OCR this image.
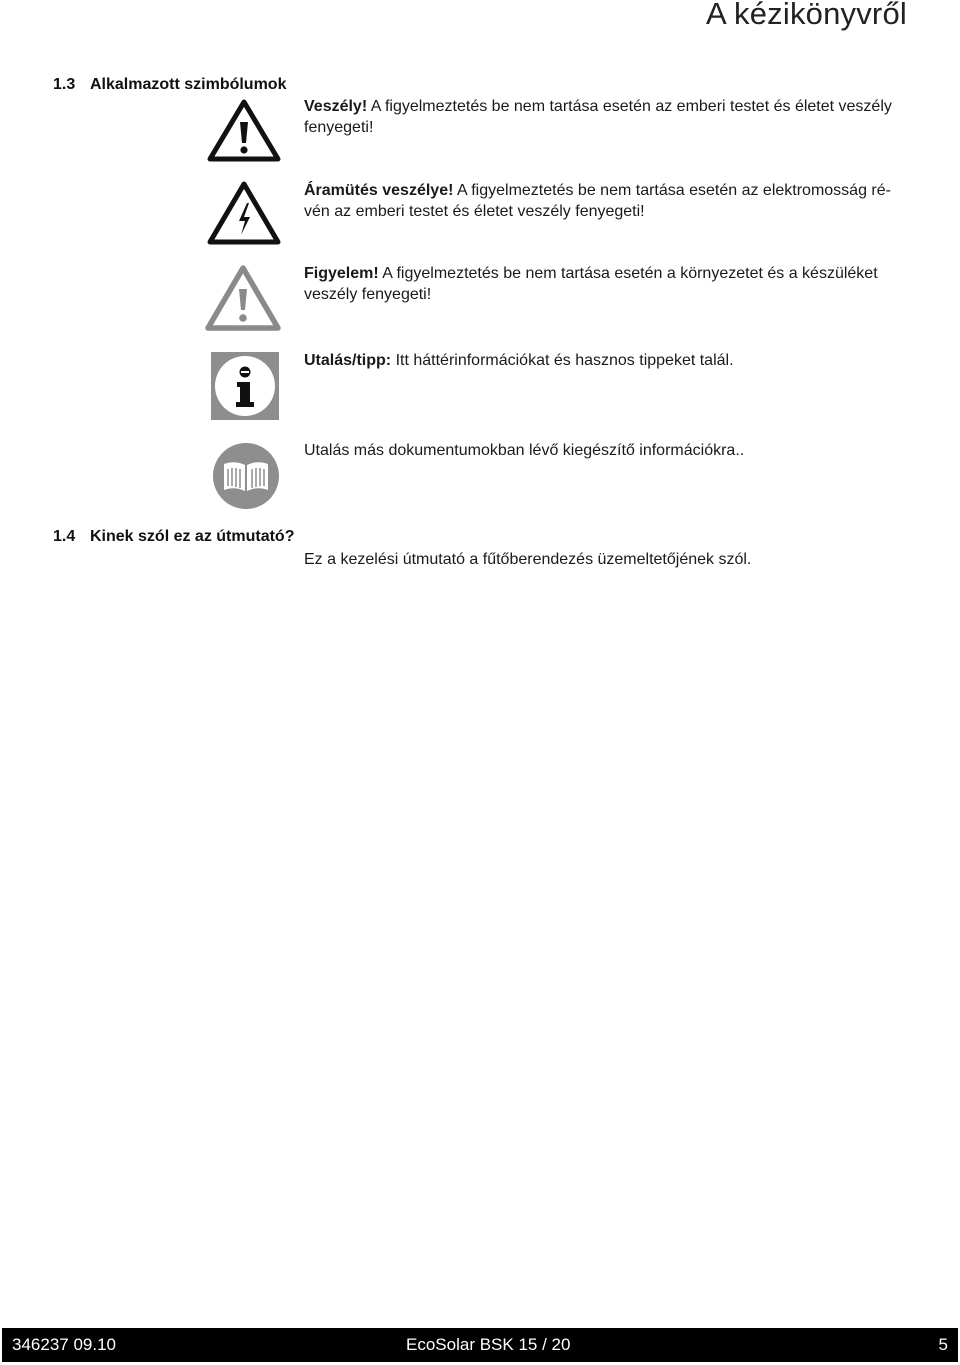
A kézikönyvről
1.3 Alkalmazott szimbólumok
Veszély! A figyelmeztetés be nem tartása esetén az emberi testet és életet veszély fenyegeti!
Áramütés veszélye! A figyelmeztetés be nem tartása esetén az elektromosság ré-vén az emberi testet és életet veszély fenyegeti!
Figyelem! A figyelmeztetés be nem tartása esetén a környezetet és a készüléket veszély fenyegeti!
Utalás/tipp: Itt háttérinformációkat és hasznos tippeket talál.
Utalás más dokumentumokban lévő kiegészítő információkra..
1.4 Kinek szól ez az útmutató?
Ez a kezelési útmutató a fűtőberendezés üzemeltetőjének szól.
346237 09.10	EcoSolar BSK 15 / 20	5
